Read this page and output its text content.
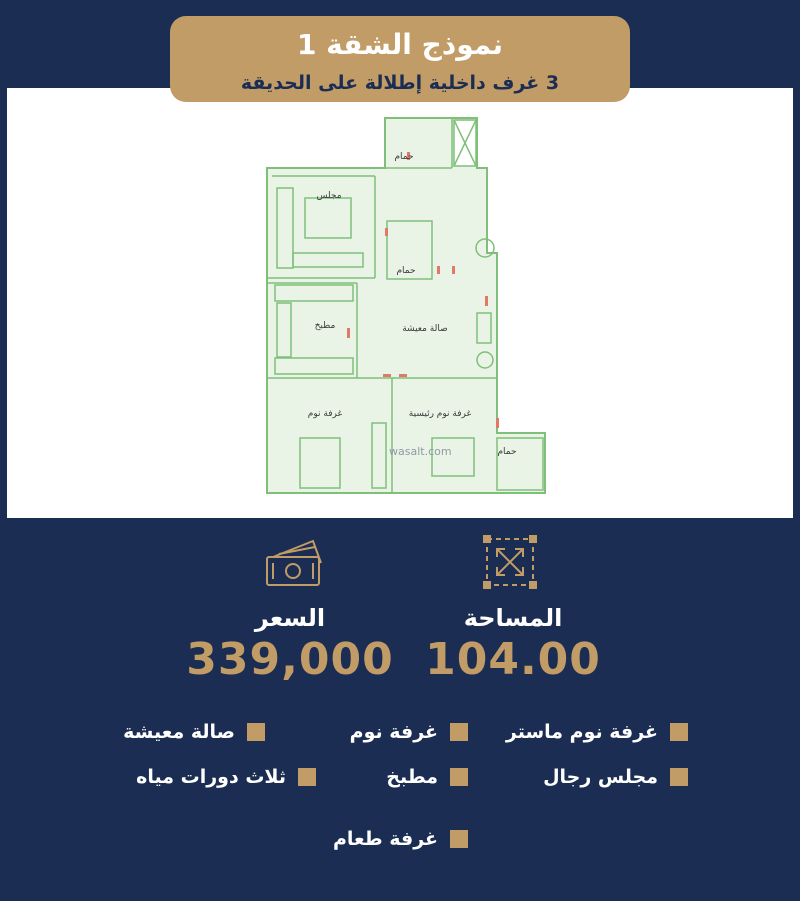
نموذج الشقة 1
3 غرف داخلية إطلالة على الحديقة
مجلس
مطبخ	صالة معيشة
غرفة نوم	غرفة نوم رئيسية
حمام
حمام
حمام
wasalt.com
السعر
339,000
المساحة
104.00
غرفة نوم ماستر
غرفة نوم
صالة معيشة
مجلس رجال
مطبخ
ثلاث دورات مياه
غرفة طعام
